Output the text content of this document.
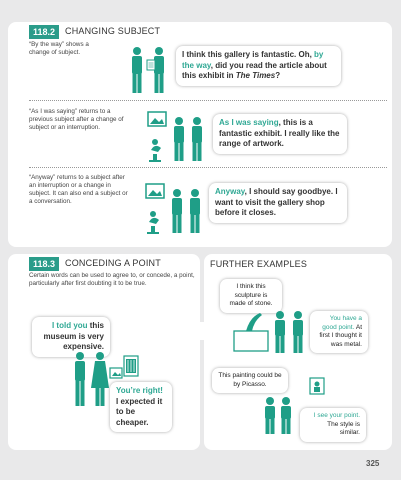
118.2	CHANGING SUBJECT
“By the way” shows a change of subject.	I think this gallery is fantastic. Oh, by the way, did you read the article about this exhibit in The Times?
“As I was saying” returns to a previous subject after a change of subject or an interruption.
As I was saying, this is a fantastic exhibit. I really like the range of artwork.
“Anyway” returns to a subject after an interruption or a change in subject. It can also end a subject or a conversation.
Anyway, I should say goodbye. I want to visit the gallery shop before it closes.
118.3	CONCEDING A POINT
Certain words can be used to agree to, or concede, a point, particularly after first doubting it to be true.
I told you this museum is very expensive.
You’re right! I expected it to be cheaper.
FURTHER EXAMPLES
I think this sculpture is made of stone.
You have a good point. At first I thought it was metal.
This painting could be by Picasso.
I see your point. The style is similar.
325
